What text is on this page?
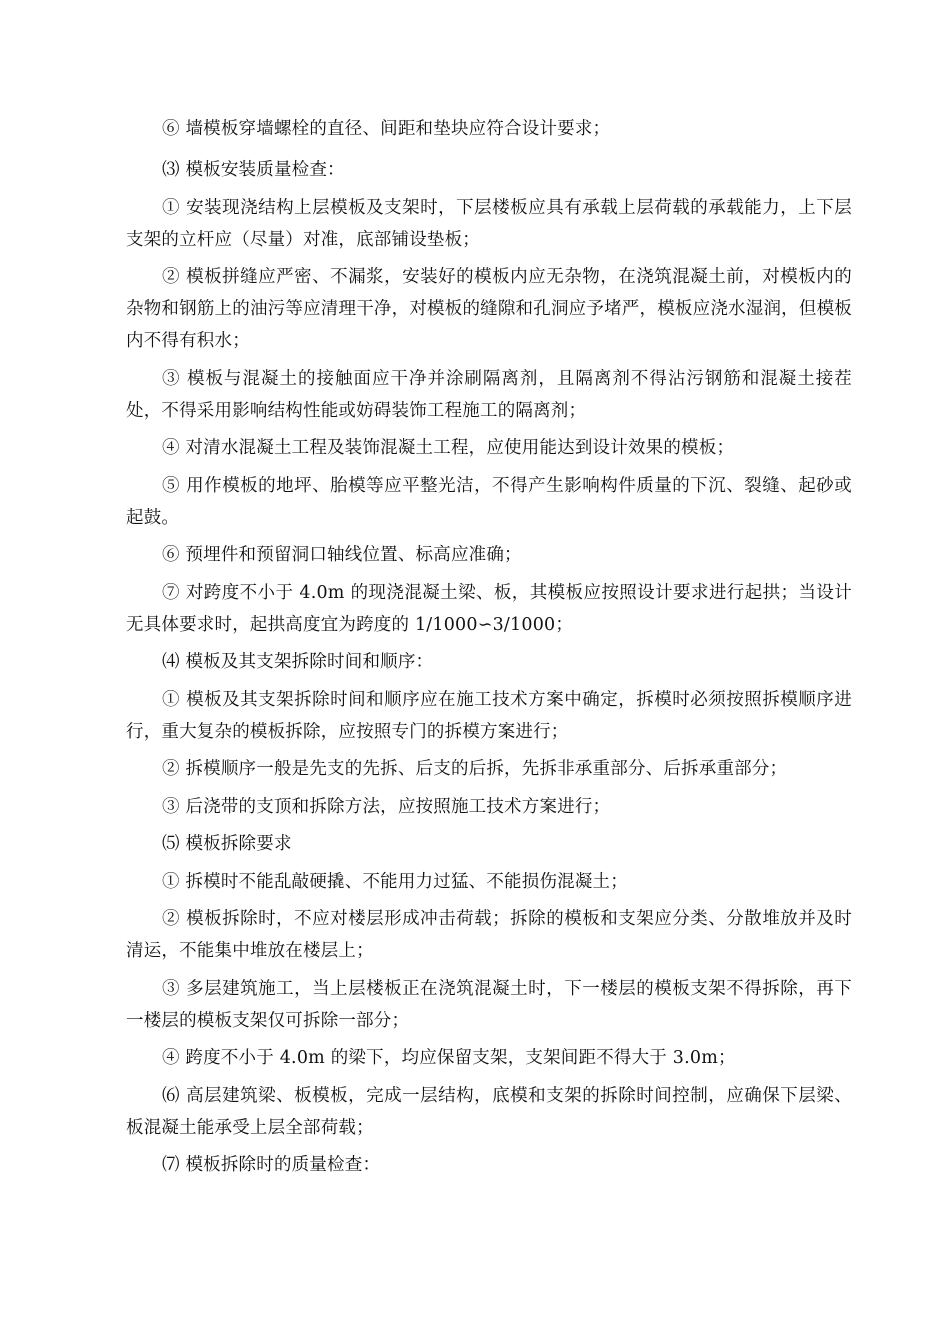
⑥ 墙模板穿墙螺栓的直径、间距和垫块应符合设计要求；

⑶ 模板安装质量检查：

① 安装现浇结构上层模板及支架时，下层楼板应具有承载上层荷载的承载能力，上下层支架的立杆应（尽量）对准，底部铺设垫板；

② 模板拼缝应严密、不漏浆，安装好的模板内应无杂物，在浇筑混凝土前，对模板内的杂物和钢筋上的油污等应清理干净，对模板的缝隙和孔洞应予堵严，模板应浇水湿润，但模板内不得有积水；

③ 模板与混凝土的接触面应干净并涂刷隔离剂，且隔离剂不得沾污钢筋和混凝土接茬处，不得采用影响结构性能或妨碍装饰工程施工的隔离剂；

④ 对清水混凝土工程及装饰混凝土工程，应使用能达到设计效果的模板；

⑤ 用作模板的地坪、胎模等应平整光洁，不得产生影响构件质量的下沉、裂缝、起砂或起鼓。

⑥ 预埋件和预留洞口轴线位置、标高应准确；

⑦ 对跨度不小于 4.0m 的现浇混凝土梁、板，其模板应按照设计要求进行起拱；当设计无具体要求时，起拱高度宜为跨度的 1/1000∽3/1000；

⑷ 模板及其支架拆除时间和顺序：

① 模板及其支架拆除时间和顺序应在施工技术方案中确定，拆模时必须按照拆模顺序进行，重大复杂的模板拆除，应按照专门的拆模方案进行；

② 拆模顺序一般是先支的先拆、后支的后拆，先拆非承重部分、后拆承重部分；

③ 后浇带的支顶和拆除方法，应按照施工技术方案进行；

⑸ 模板拆除要求

① 拆模时不能乱敲硬撬、不能用力过猛、不能损伤混凝土；

② 模板拆除时，不应对楼层形成冲击荷载；拆除的模板和支架应分类、分散堆放并及时清运，不能集中堆放在楼层上；

③ 多层建筑施工，当上层楼板正在浇筑混凝土时，下一楼层的模板支架不得拆除，再下一楼层的模板支架仅可拆除一部分；

④ 跨度不小于 4.0m 的梁下，均应保留支架，支架间距不得大于 3.0m；

⑹ 高层建筑梁、板模板，完成一层结构，底模和支架的拆除时间控制，应确保下层梁、板混凝土能承受上层全部荷载；

⑺ 模板拆除时的质量检查：
